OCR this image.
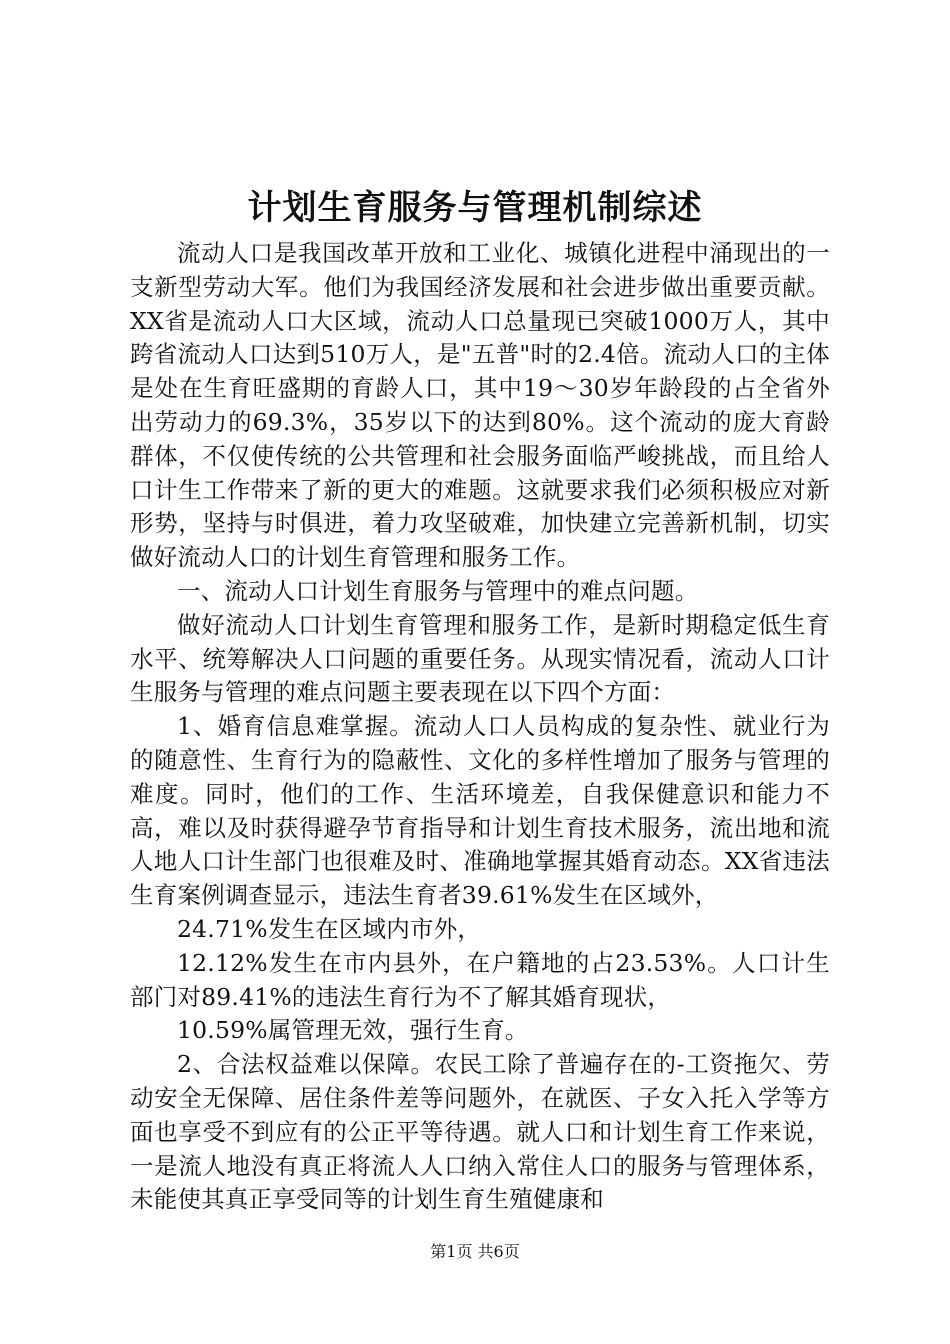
计划生育服务与管理机制综述

流动人口是我国改革开放和工业化、城镇化进程中涌现出的一支新型劳动大军。他们为我国经济发展和社会进步做出重要贡献。XX省是流动人口大区域，流动人口总量现已突破1000万人，其中跨省流动人口达到510万人，是"五普"时的2.4倍。流动人口的主体是处在生育旺盛期的育龄人口，其中19～30岁年龄段的占全省外出劳动力的69.3%，35岁以下的达到80%。这个流动的庞大育龄群体，不仅使传统的公共管理和社会服务面临严峻挑战，而且给人口计生工作带来了新的更大的难题。这就要求我们必须积极应对新形势，坚持与时俱进，着力攻坚破难，加快建立完善新机制，切实做好流动人口的计划生育管理和服务工作。

一、流动人口计划生育服务与管理中的难点问题。

做好流动人口计划生育管理和服务工作，是新时期稳定低生育水平、统筹解决人口问题的重要任务。从现实情况看，流动人口计生服务与管理的难点问题主要表现在以下四个方面：

1、婚育信息难掌握。流动人口人员构成的复杂性、就业行为的随意性、生育行为的隐蔽性、文化的多样性增加了服务与管理的难度。同时，他们的工作、生活环境差，自我保健意识和能力不高，难以及时获得避孕节育指导和计划生育技术服务，流出地和流人地人口计生部门也很难及时、准确地掌握其婚育动态。XX省违法生育案例调查显示，违法生育者39.61%发生在区域外，

24.71%发生在区域内市外，

12.12%发生在市内县外，在户籍地的占23.53%。人口计生部门对89.41%的违法生育行为不了解其婚育现状，

10.59%属管理无效，强行生育。

2、合法权益难以保障。农民工除了普遍存在的-工资拖欠、劳动安全无保障、居住条件差等问题外，在就医、子女入托入学等方面也享受不到应有的公正平等待遇。就人口和计划生育工作来说，一是流人地没有真正将流人人口纳入常住人口的服务与管理体系，未能使其真正享受同等的计划生育生殖健康和

第1页 共6页
